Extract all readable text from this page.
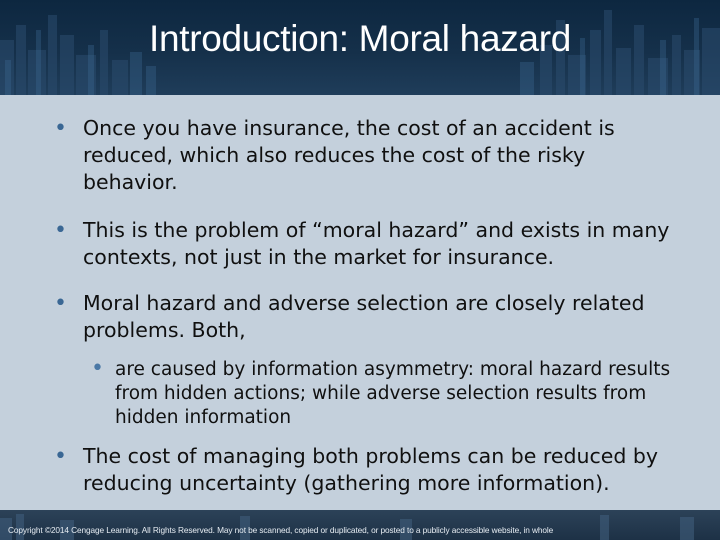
Introduction: Moral hazard
• Once you have insurance, the cost of an accident is reduced, which also reduces the cost of the risky behavior.
• This is the problem of “moral hazard” and exists in many contexts, not just in the market for insurance.
• Moral hazard and adverse selection are closely related problems. Both,
• are caused by information asymmetry: moral hazard results from hidden actions; while adverse selection results from hidden information
• The cost of managing both problems can be reduced by reducing uncertainty (gathering more information).
Copyright ©2014 Cengage Learning. All Rights Reserved. May not be scanned, copied or duplicated, or posted to a publicly accessible website, in whole
